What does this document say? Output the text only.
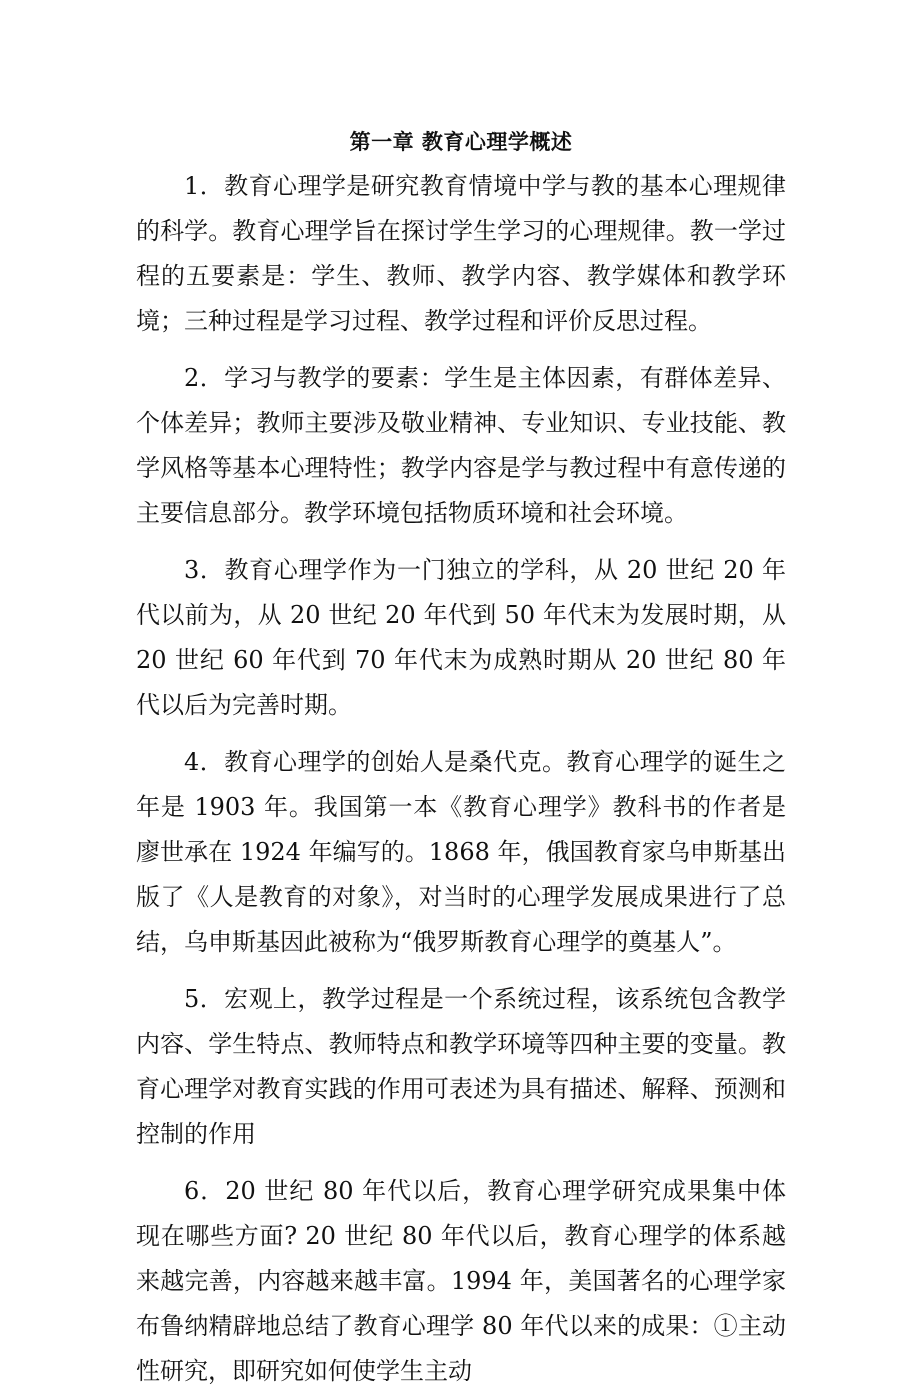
第一章 教育心理学概述

1．教育心理学是研究教育情境中学与教的基本心理规律的科学。教育心理学旨在探讨学生学习的心理规律。教一学过程的五要素是：学生、教师、教学内容、教学媒体和教学环境；三种过程是学习过程、教学过程和评价反思过程。

2．学习与教学的要素：学生是主体因素，有群体差异、个体差异；教师主要涉及敬业精神、专业知识、专业技能、教学风格等基本心理特性；教学内容是学与教过程中有意传递的主要信息部分。教学环境包括物质环境和社会环境。

3．教育心理学作为一门独立的学科，从 20 世纪 20 年代以前为，从 20 世纪 20 年代到 50 年代末为发展时期，从 20 世纪 60 年代到 70 年代末为成熟时期从 20 世纪 80 年代以后为完善时期。

4．教育心理学的创始人是桑代克。教育心理学的诞生之年是 1903 年。我国第一本《教育心理学》教科书的作者是廖世承在 1924 年编写的。1868 年，俄国教育家乌申斯基出版了《人是教育的对象》，对当时的心理学发展成果进行了总结，乌申斯基因此被称为“俄罗斯教育心理学的奠基人”。

5．宏观上，教学过程是一个系统过程，该系统包含教学内容、学生特点、教师特点和教学环境等四种主要的变量。教育心理学对教育实践的作用可表述为具有描述、解释、预测和控制的作用

6．20 世纪 80 年代以后，教育心理学研究成果集中体现在哪些方面? 20 世纪 80 年代以后，教育心理学的体系越来越完善，内容越来越丰富。1994 年，美国著名的心理学家布鲁纳精辟地总结了教育心理学 80 年代以来的成果：①主动性研究，即研究如何使学生主动
